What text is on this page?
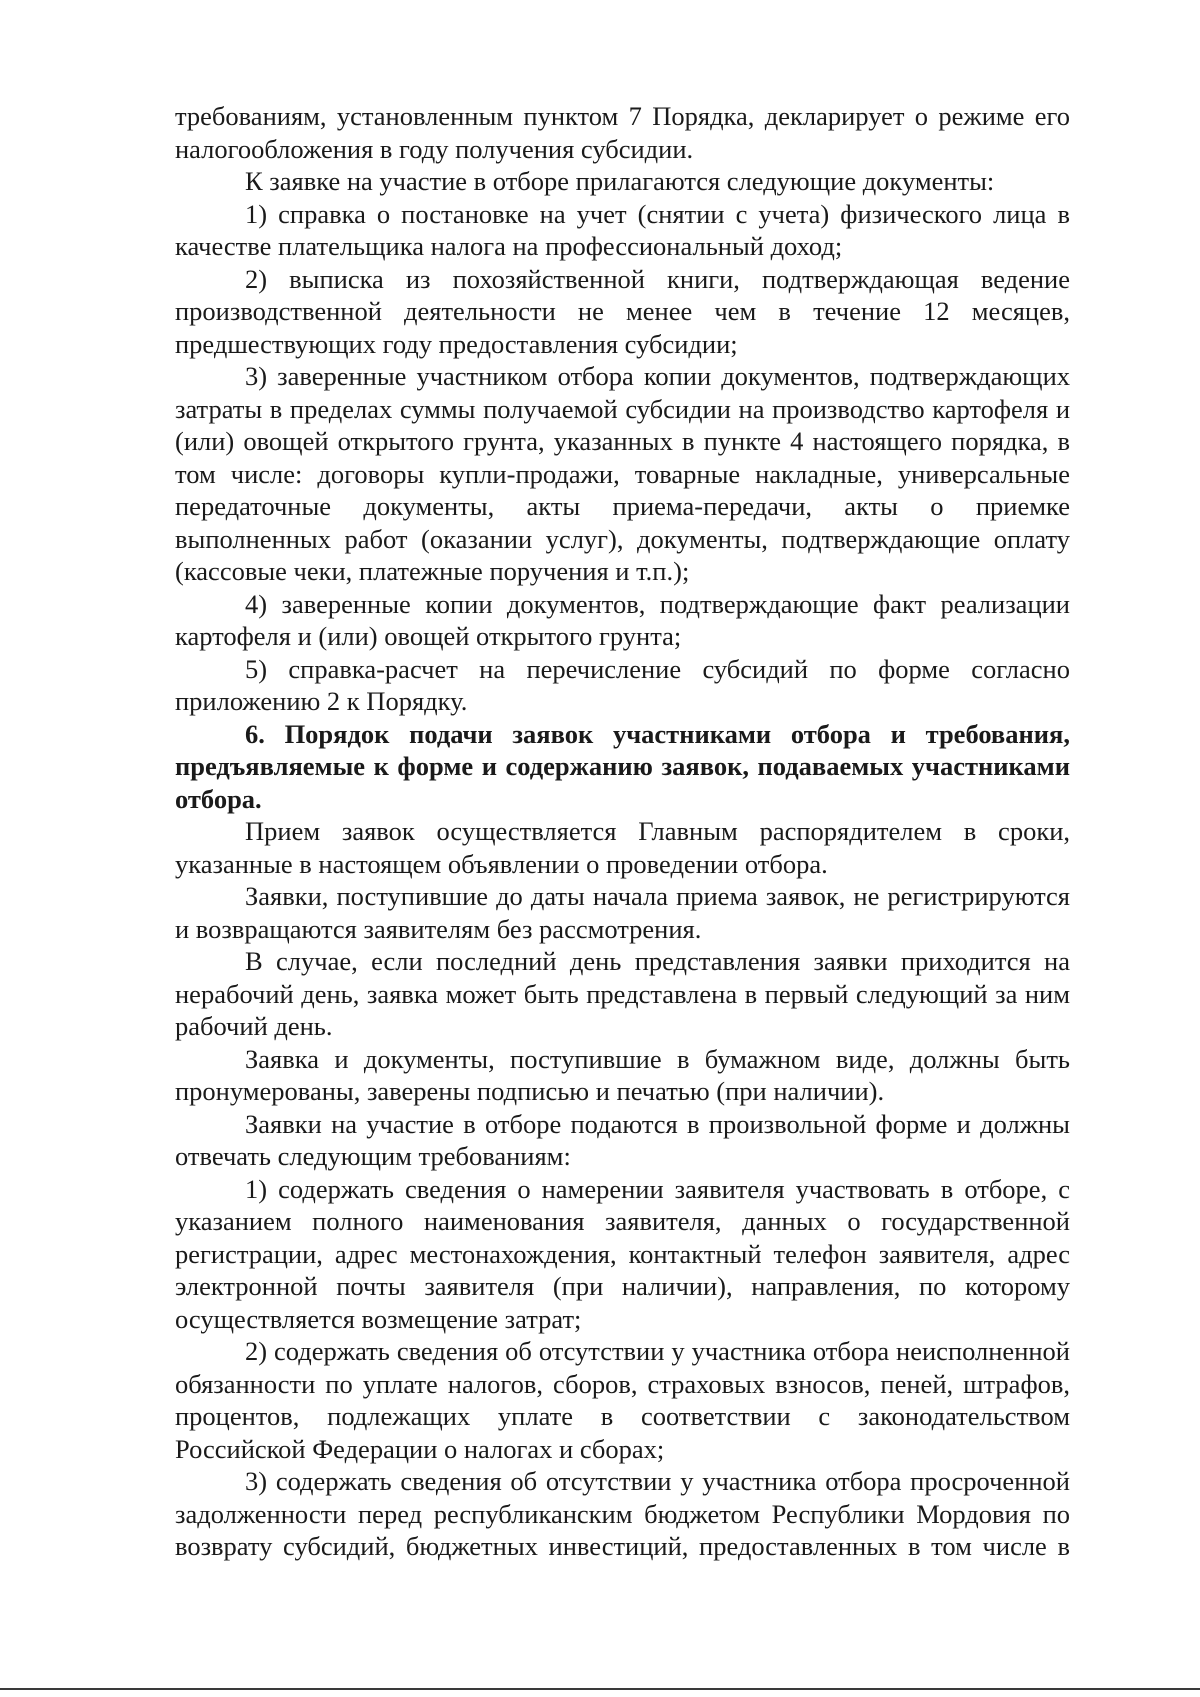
требованиям, установленным пунктом 7 Порядка, декларирует о режиме его налогообложения в году получения субсидии.

К заявке на участие в отборе прилагаются следующие документы:

1) справка о постановке на учет (снятии с учета) физического лица в качестве плательщика налога на профессиональный доход;

2) выписка из похозяйственной книги, подтверждающая ведение производственной деятельности не менее чем в течение 12 месяцев, предшествующих году предоставления субсидии;

3) заверенные участником отбора копии документов, подтверждающих затраты в пределах суммы получаемой субсидии на производство картофеля и (или) овощей открытого грунта, указанных в пункте 4 настоящего порядка, в том числе: договоры купли-продажи, товарные накладные, универсальные передаточные документы, акты приема-передачи, акты о приемке выполненных работ (оказании услуг), документы, подтверждающие оплату (кассовые чеки, платежные поручения и т.п.);

4) заверенные копии документов, подтверждающие факт реализации картофеля и (или) овощей открытого грунта;

5) справка-расчет на перечисление субсидий по форме согласно приложению 2 к Порядку.

6. Порядок подачи заявок участниками отбора и требования, предъявляемые к форме и содержанию заявок, подаваемых участниками отбора.

Прием заявок осуществляется Главным распорядителем в сроки, указанные в настоящем объявлении о проведении отбора.

Заявки, поступившие до даты начала приема заявок, не регистрируются и возвращаются заявителям без рассмотрения.

В случае, если последний день представления заявки приходится на нерабочий день, заявка может быть представлена в первый следующий за ним рабочий день.

Заявка и документы, поступившие в бумажном виде, должны быть пронумерованы, заверены подписью и печатью (при наличии).

Заявки на участие в отборе подаются в произвольной форме и должны отвечать следующим требованиям:

1) содержать сведения о намерении заявителя участвовать в отборе, с указанием полного наименования заявителя, данных о государственной регистрации, адрес местонахождения, контактный телефон заявителя, адрес электронной почты заявителя (при наличии), направления, по которому осуществляется возмещение затрат;

2) содержать сведения об отсутствии у участника отбора неисполненной обязанности по уплате налогов, сборов, страховых взносов, пеней, штрафов, процентов, подлежащих уплате в соответствии с законодательством Российской Федерации о налогах и сборах;

3) содержать сведения об отсутствии у участника отбора просроченной задолженности перед республиканским бюджетом Республики Мордовия по возврату субсидий, бюджетных инвестиций, предоставленных в том числе в
